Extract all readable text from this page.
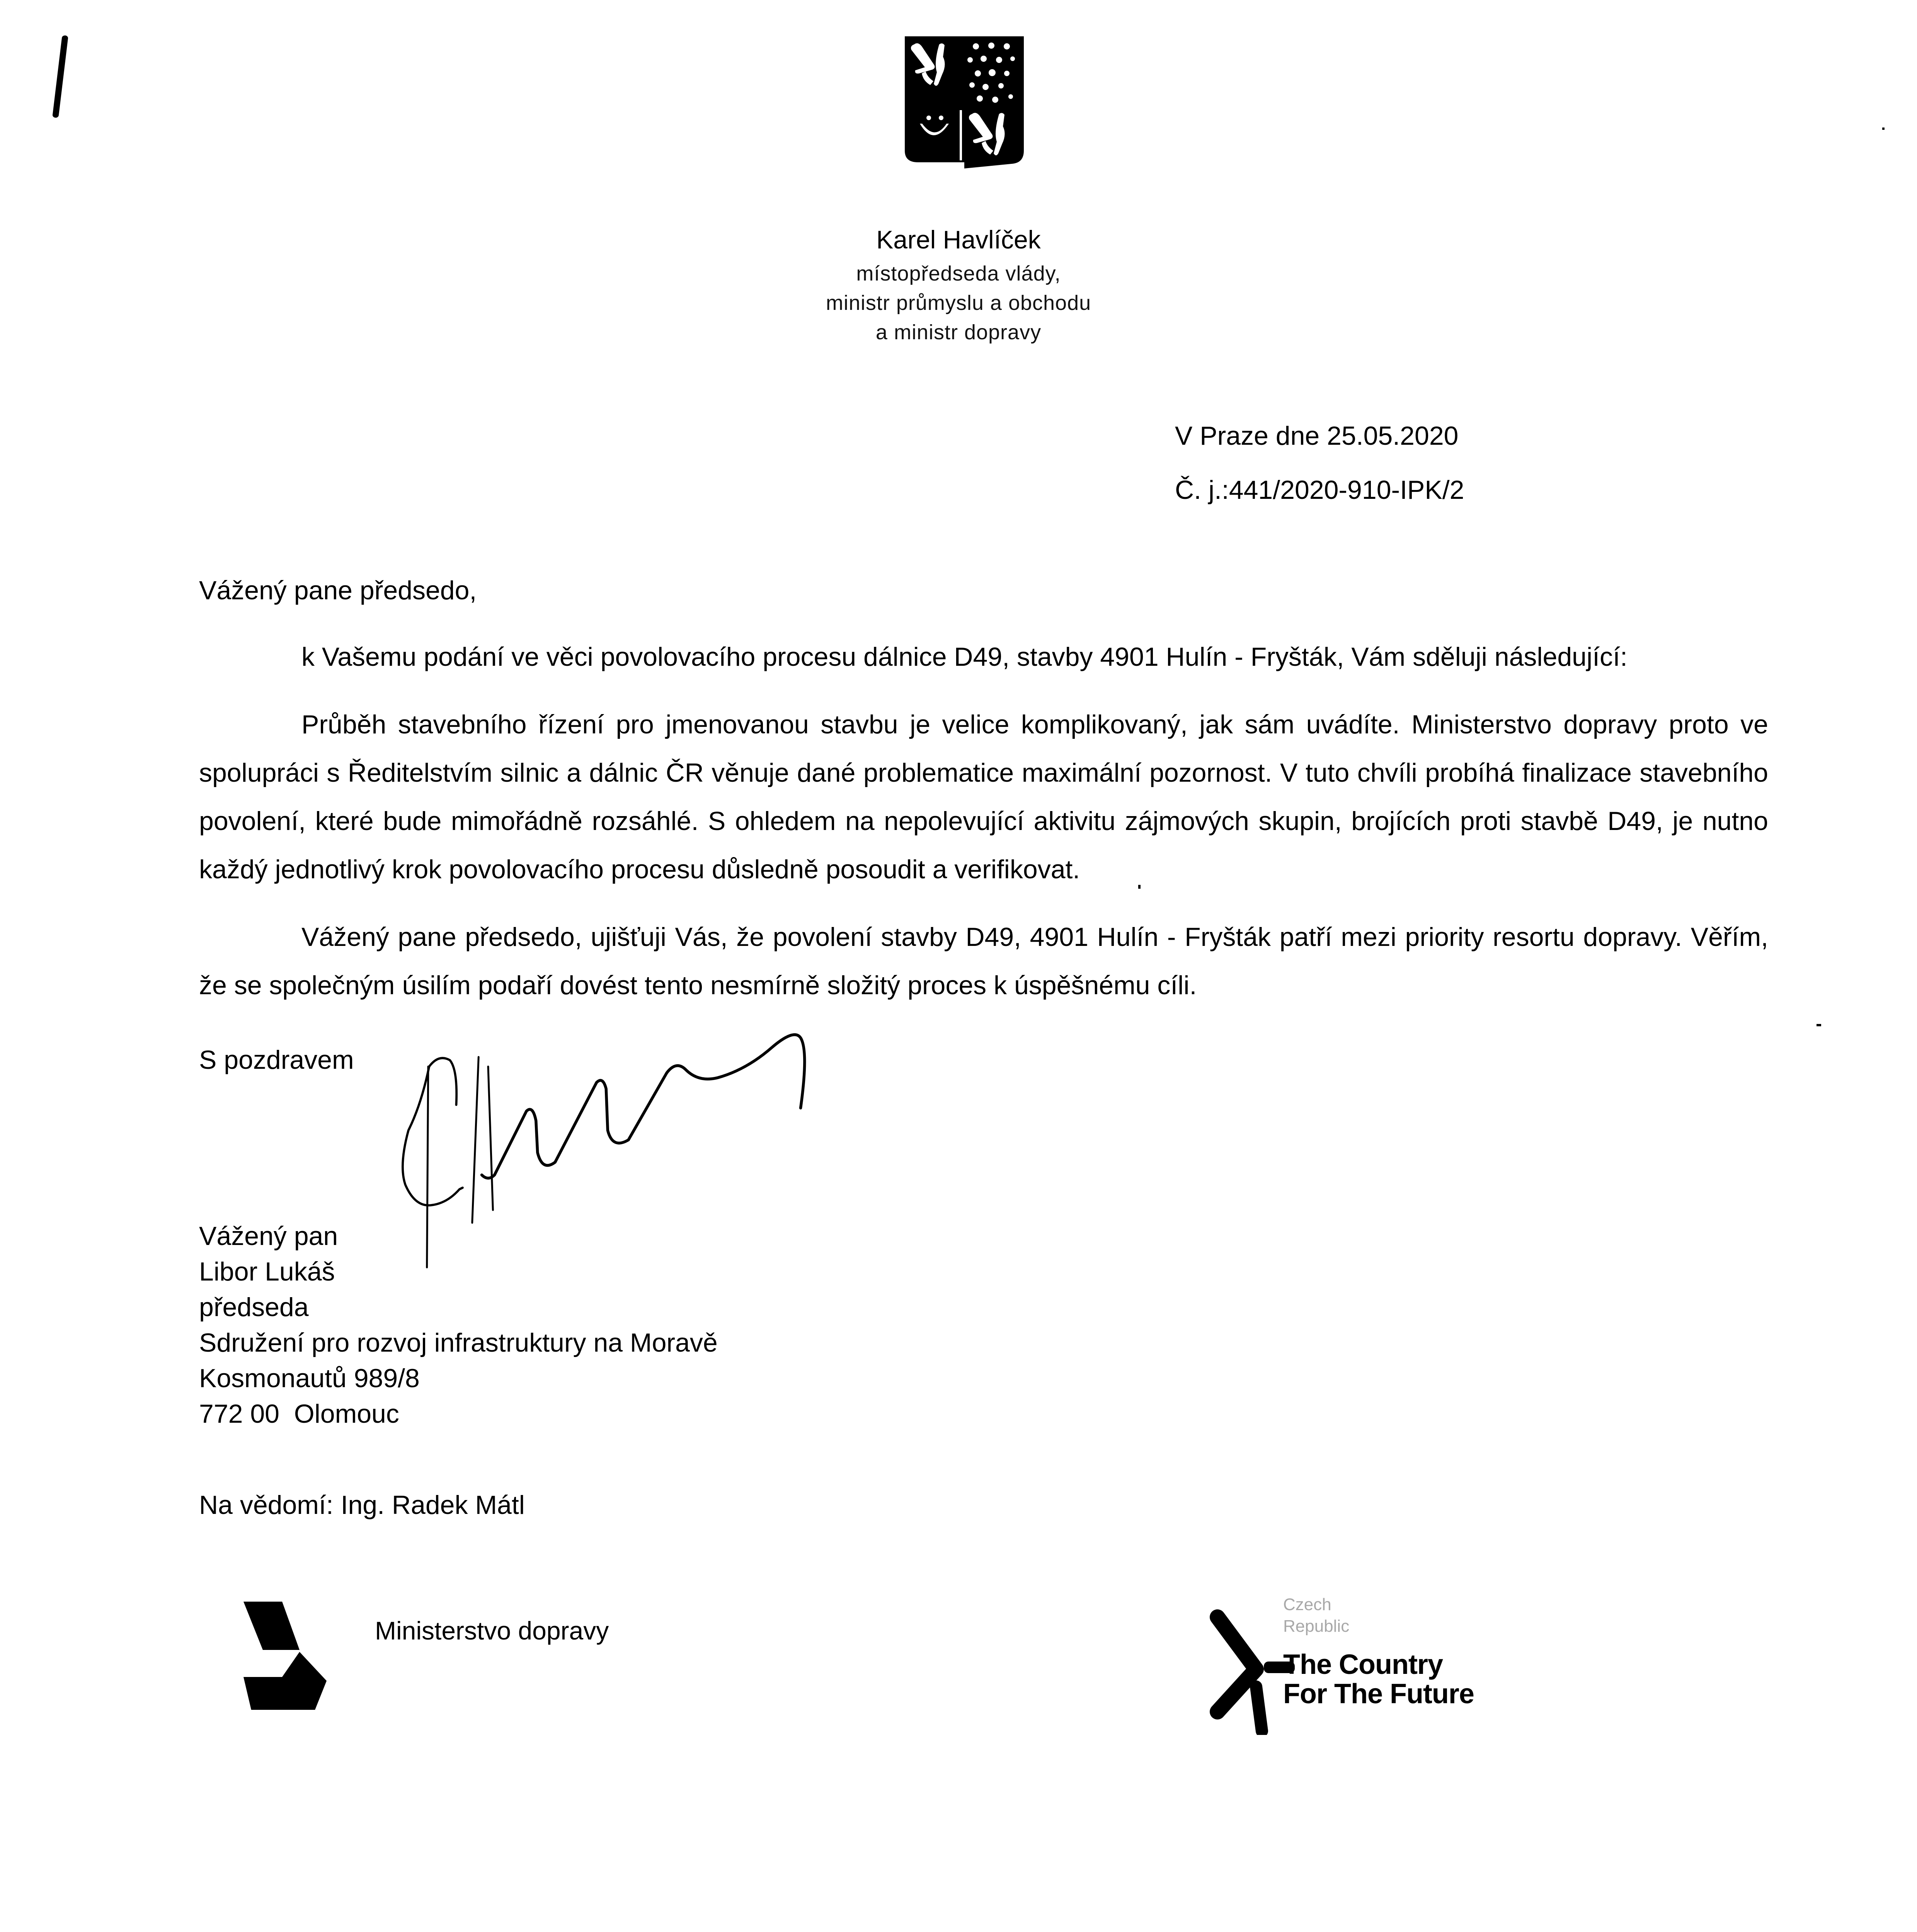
Karel Havlíček
místopředseda vlády,
ministr průmyslu a obchodu
a ministr dopravy
V Praze dne 25.05.2020
Č. j.:441/2020-910-IPK/2
Vážený pane předsedo,
k Vašemu podání ve věci povolovacího procesu dálnice D49, stavby 4901 Hulín - Fryšták, Vám sděluji následující:
Průběh stavebního řízení pro jmenovanou stavbu je velice komplikovaný, jak sám uvádíte. Ministerstvo dopravy proto ve spolupráci s Ředitelstvím silnic a dálnic ČR věnuje dané problematice maximální pozornost. V tuto chvíli probíhá finalizace stavebního povolení, které bude mimořádně rozsáhlé. S ohledem na nepolevující aktivitu zájmových skupin, brojících proti stavbě D49, je nutno každý jednotlivý krok povolovacího procesu důsledně posoudit a verifikovat.
Vážený pane předsedo, ujišťuji Vás, že povolení stavby D49, 4901 Hulín - Fryšták patří mezi priority resortu dopravy. Věřím, že se společným úsilím podaří dovést tento nesmírně složitý proces k úspěšnému cíli.
S pozdravem
Vážený pan
Libor Lukáš
předseda
Sdružení pro rozvoj infrastruktury na Moravě
Kosmonautů 989/8
772 00  Olomouc
Na vědomí: Ing. Radek Mátl
Ministerstvo dopravy
Czech
Republic
The Country
For The Future
